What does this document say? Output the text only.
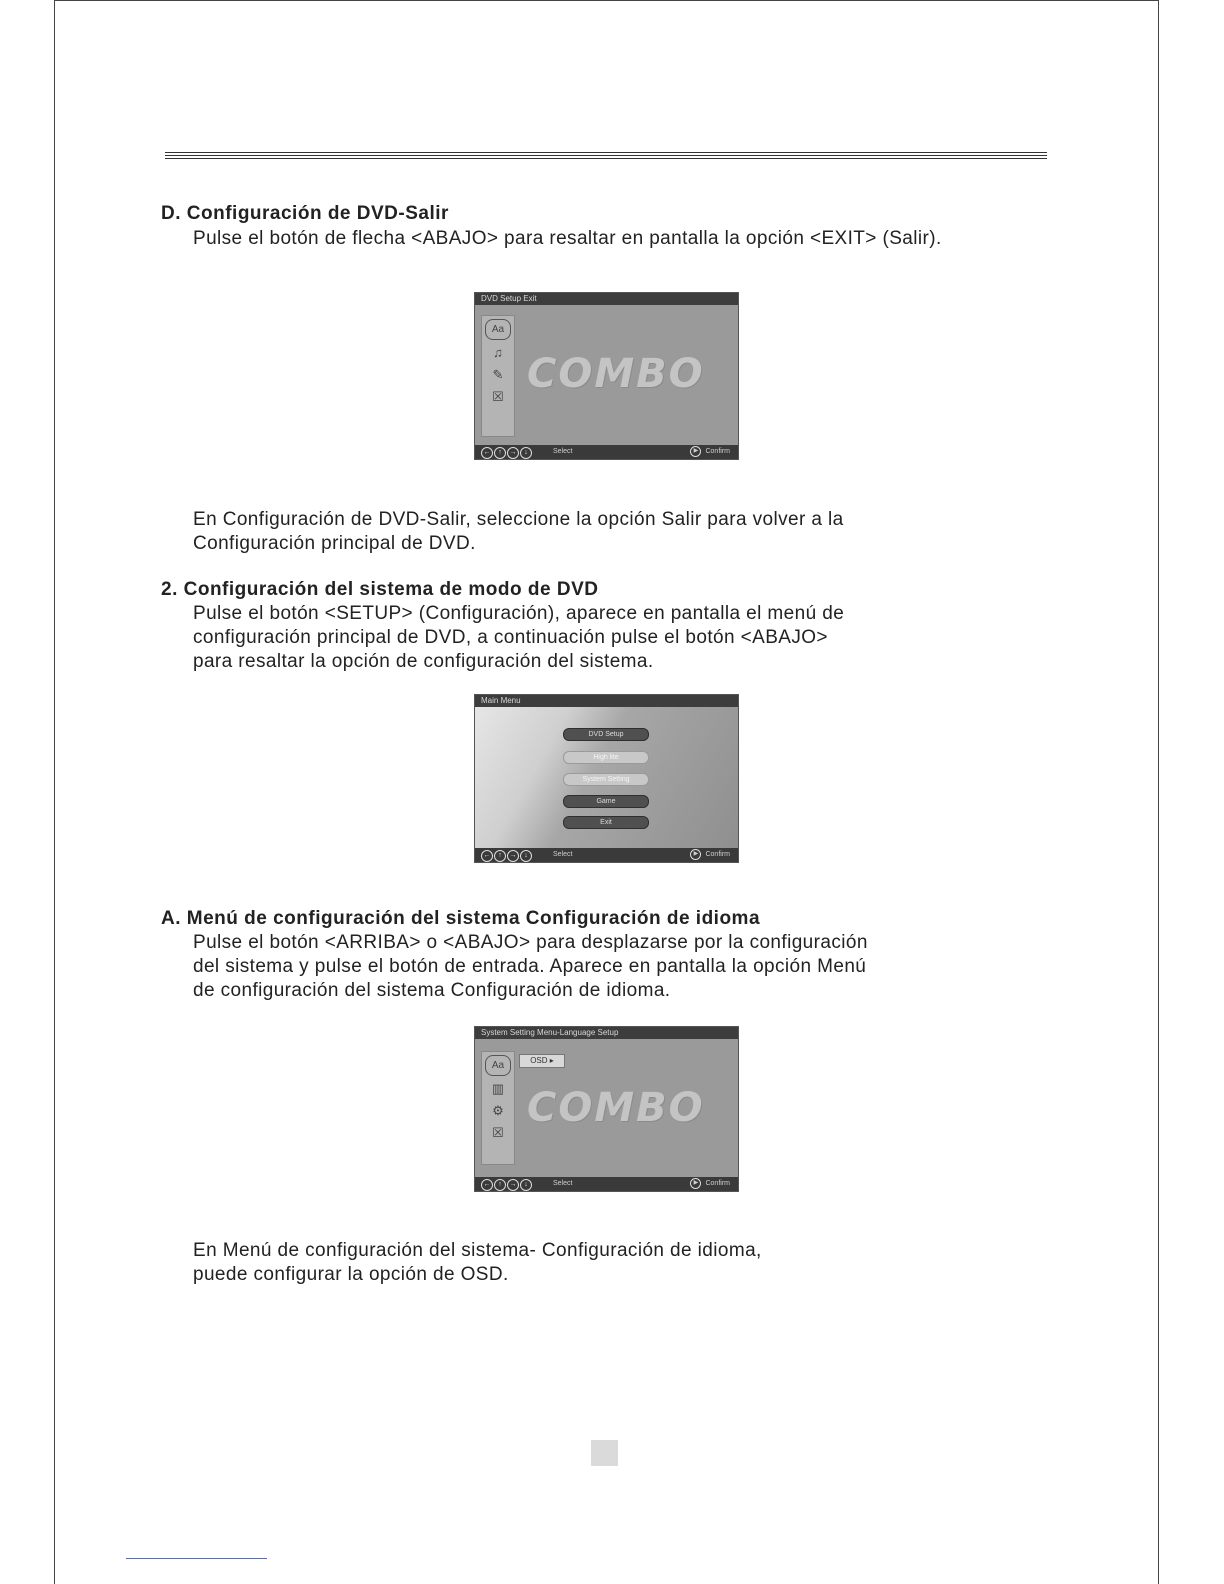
D. Configuración de DVD-Salir
Pulse el botón de flecha <ABAJO> para resaltar en pantalla la opción <EXIT> (Salir).
DVD Setup Exit
Aa
♫
✎
☒ COMBO
←	↑	→	↓	Select	▶ Confirm
En Configuración de DVD-Salir, seleccione la opción Salir para volver a la
Configuración principal de DVD.
2. Configuración del sistema de modo de DVD
Pulse el botón <SETUP> (Configuración), aparece en pantalla el menú de
configuración principal de DVD, a continuación pulse el botón <ABAJO>
para resaltar la opción de configuración del sistema.
Main Menu
DVD Setup
High lite
System Setting
Game
Exit
←	↑	→	↓	Select	▶ Confirm
A. Menú de configuración del sistema Configuración de idioma
Pulse el botón <ARRIBA> o <ABAJO> para desplazarse por la configuración
del sistema y pulse el botón de entrada. Aparece en pantalla la opción Menú
de configuración del sistema Configuración de idioma.
System Setting Menu-Language Setup
Aa
▥
⚙
☒
OSD ▸
COMBO
←	↑	→	↓	Select	▶ Confirm
En Menú de configuración del sistema- Configuración de idioma,
puede configurar la opción de OSD.
